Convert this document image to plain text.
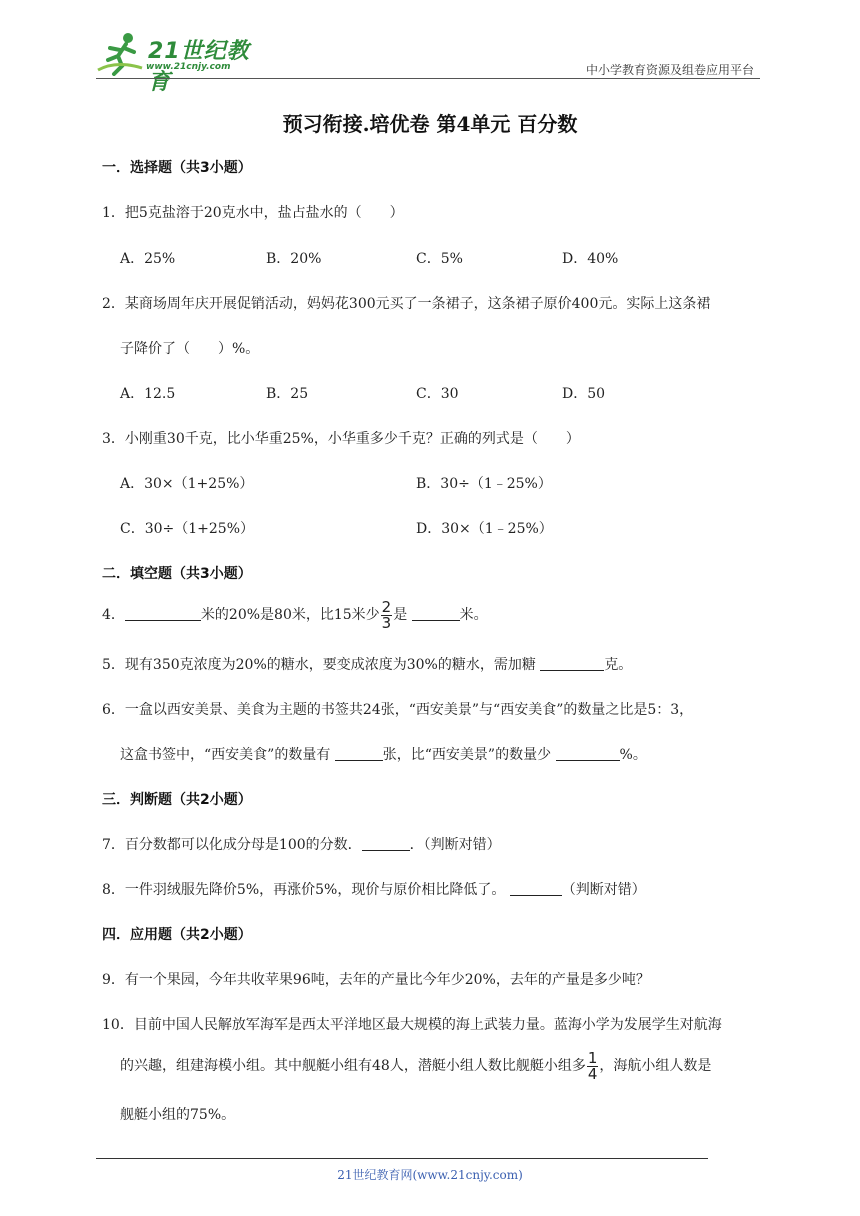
21世纪教育
www.21cnjy.com	中小学教育资源及组卷应用平台
预习衔接.培优卷 第4单元 百分数
一．选择题（共3小题）
1．把5克盐溶于20克水中，盐占盐水的（　　）
A．25%	B．20%	C．5%	D．40%
2．某商场周年庆开展促销活动，妈妈花300元买了一条裙子，这条裙子原价400元。实际上这条裙
子降价了（　　）%。
A．12.5	B．25	C．30	D．50
3．小刚重30千克，比小华重25%，小华重多少千克？正确的列式是（　　）
A．30×（1+25%）	B．30÷（1﹣25%）
C．30÷（1+25%）	D．30×（1﹣25%）
二．填空题（共3小题）
4．	米的20%是80米，比15米少 $\frac{2}{3}$ 是	米。
5．现有350克浓度为20%的糖水，要变成浓度为30%的糖水，需加糖	克。
6．一盒以西安美景、美食为主题的书签共24张，“西安美景”与“西安美食”的数量之比是5：3，
这盒书签中，“西安美食”的数量有	张，比“西安美景”的数量少	%。
三．判断题（共2小题）
7．百分数都可以化成分母是100的分数．	．（判断对错）
8．一件羽绒服先降价5%，再涨价5%，现价与原价相比降低了。	（判断对错）
四．应用题（共2小题）
9．有一个果园，今年共收苹果96吨，去年的产量比今年少20%，去年的产量是多少吨？
10．目前中国人民解放军海军是西太平洋地区最大规模的海上武装力量。蓝海小学为发展学生对航海
的兴趣，组建海模小组。其中舰艇小组有48人，潜艇小组人数比舰艇小组多 $\frac{1}{4}$ ，海航小组人数是
舰艇小组的75%。
21世纪教育网(www.21cnjy.com)
